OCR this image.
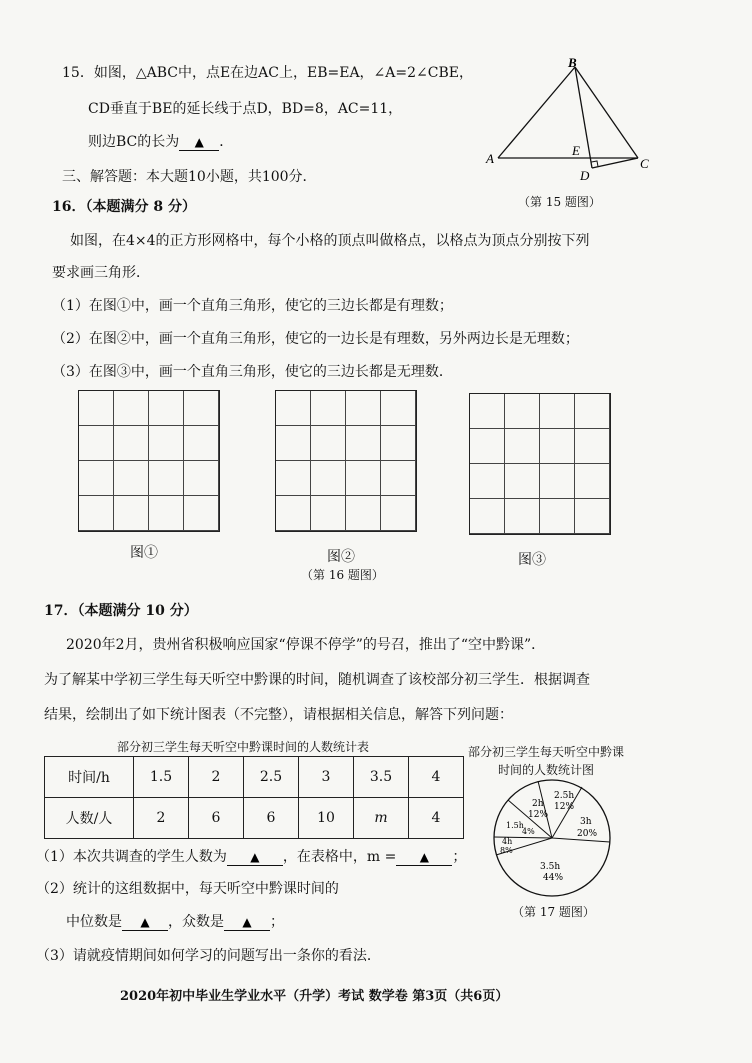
15．如图，△ABC中，点E在边AC上，EB=EA，∠A=2∠CBE，
CD垂直于BE的延长线于点D，BD=8，AC=11，
则边BC的长为 ▲ ．
B
A	C
E
D
（第 15 题图）
三、解答题：本大题10小题，共100分．
16．（本题满分 8 分）
如图，在4×4的正方形网格中，每个小格的顶点叫做格点，以格点为顶点分别按下列
要求画三角形．
（1）在图①中，画一个直角三角形，使它的三边长都是有理数；
（2）在图②中，画一个直角三角形，使它的一边长是有理数，另外两边长是无理数；
（3）在图③中，画一个直角三角形，使它的三边长都是无理数．
图①	图②	图③
（第 16 题图）
17．（本题满分 10 分）
2020年2月，贵州省积极响应国家“停课不停学”的号召，推出了“空中黔课”．
为了解某中学初三学生每天听空中黔课的时间，随机调查了该校部分初三学生．根据调查
结果，绘制出了如下统计图表（不完整），请根据相关信息，解答下列问题：
部分初三学生每天听空中黔课时间的人数统计表
时间/h	1.5	2	2.5	3	3.5	4
人数/人	2	6	6	10	m	4
部分初三学生每天听空中黔课
时间的人数统计图
2h
12%
2.5h
12%
3h
20%
3.5h
44%
1.5h
4%
4h
8%
（第 17 题图）
（1）本次共调查的学生人数为 ▲ ，在表格中，m = ▲ ；
（2）统计的这组数据中，每天听空中黔课时间的
中位数是 ▲ ，众数是 ▲ ；
（3）请就疫情期间如何学习的问题写出一条你的看法．
2020年初中毕业生学业水平（升学）考试 数学卷 第3页（共6页）
